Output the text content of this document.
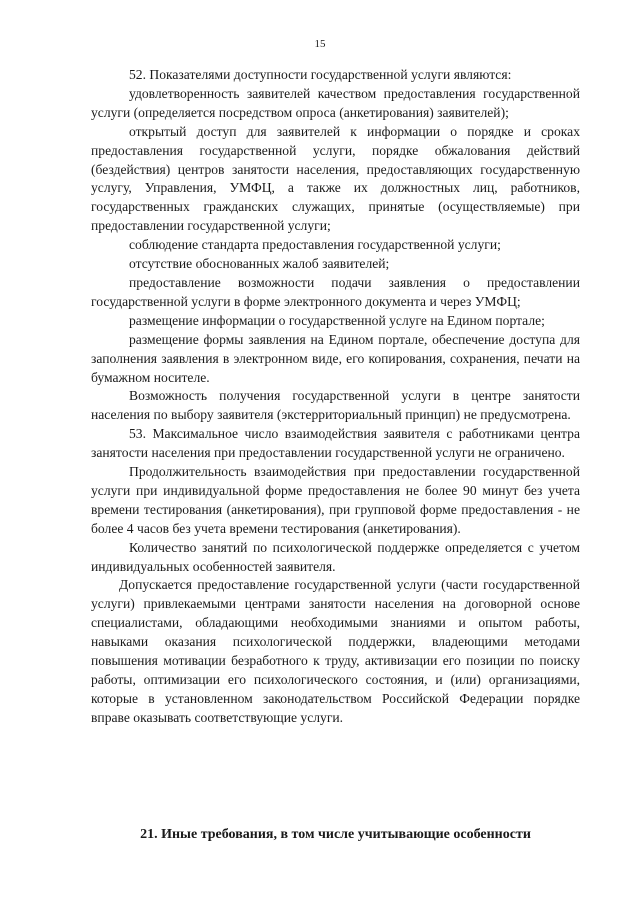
15

52. Показателями доступности государственной услуги являются:

удовлетворенность заявителей качеством предоставления государственной услуги (определяется посредством опроса (анкетирования) заявителей);

открытый доступ для заявителей к информации о порядке и сроках предоставления государственной услуги, порядке обжалования действий (бездействия) центров занятости населения, предоставляющих государственную услугу, Управления, УМФЦ, а также их должностных лиц, работников, государственных гражданских служащих, принятые (осуществляемые) при предоставлении государственной услуги;

соблюдение стандарта предоставления государственной услуги;

отсутствие обоснованных жалоб заявителей;

предоставление возможности подачи заявления о предоставлении государственной услуги в форме электронного документа и через УМФЦ;

размещение информации о государственной услуге на Едином портале;

размещение формы заявления на Едином портале, обеспечение доступа для заполнения заявления в электронном виде, его копирования, сохранения, печати на бумажном носителе.

Возможность получения государственной услуги в центре занятости населения по выбору заявителя (экстерриториальный принцип) не предусмотрена.

53. Максимальное число взаимодействия заявителя с работниками центра занятости населения при предоставлении государственной услуги не ограничено.

Продолжительность взаимодействия при предоставлении государственной услуги при индивидуальной форме предоставления не более 90 минут без учета времени тестирования (анкетирования), при групповой форме предоставления - не более 4 часов без учета времени тестирования (анкетирования).

Количество занятий по психологической поддержке определяется с учетом индивидуальных особенностей заявителя.

Допускается предоставление государственной услуги (части государственной услуги) привлекаемыми центрами занятости населения на договорной основе специалистами, обладающими необходимыми знаниями и опытом работы, навыками оказания психологической поддержки, владеющими методами повышения мотивации безработного к труду, активизации его позиции по поиску работы, оптимизации его психологического состояния, и (или) организациями, которые в установленном законодательством Российской Федерации порядке вправе оказывать соответствующие услуги.

21. Иные требования, в том числе учитывающие особенности
